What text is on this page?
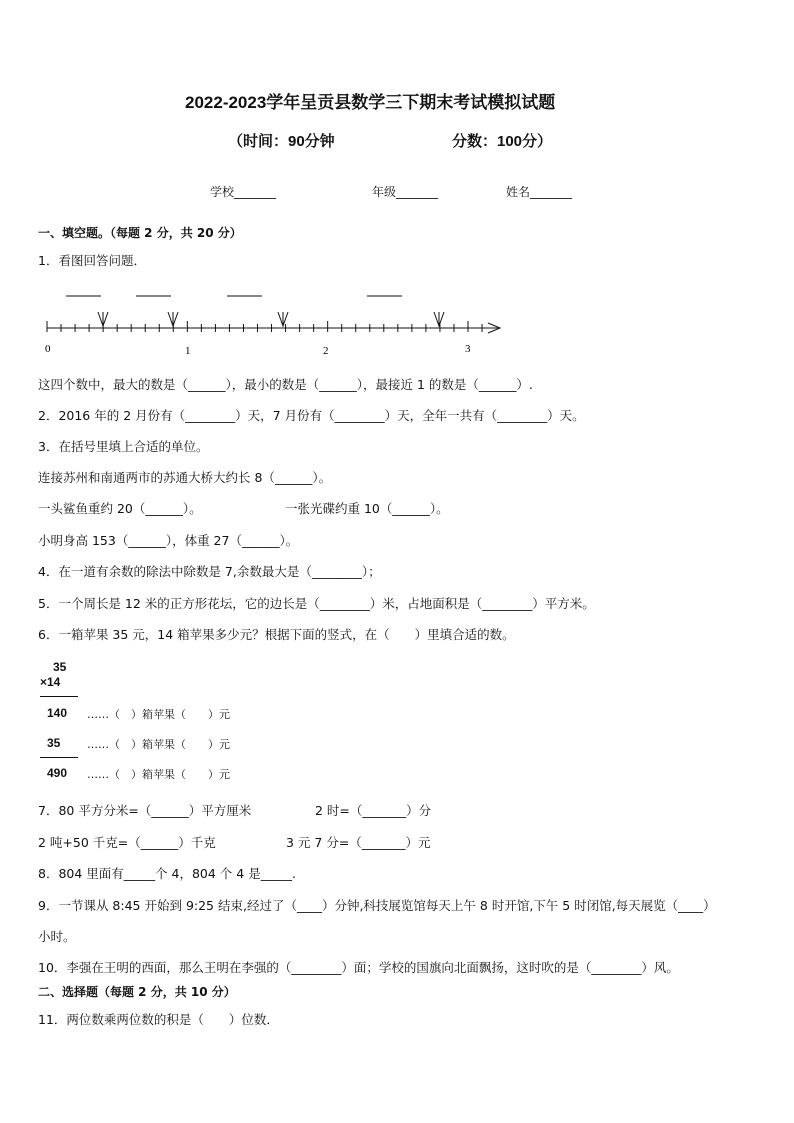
2022-2023学年呈贡县数学三下期末考试模拟试题
（时间：90分钟	分数：100分）
学校_______	年级_______	姓名_______
一、填空题。（每题 2 分，共 20 分）
1．看图回答问题．
0	1	2	3
这四个数中，最大的数是（______），最小的数是（______），最接近 1 的数是（______）.
2．2016 年的 2 月份有（________）天，7 月份有（________）天，全年一共有（________）天。
3．在括号里填上合适的单位。
连接苏州和南通两市的苏通大桥大约长 8（______）。
一头鲨鱼重约 20（______）。	一张光碟约重 10（______）。
小明身高 153（______），体重 27（______）。
4．在一道有余数的除法中除数是 7,余数最大是（________）；
5．一个周长是 12 米的正方形花坛，它的边长是（________）米，占地面积是（________）平方米。
6．一箱苹果 35 元，14 箱苹果多少元？根据下面的竖式，在（　　）里填合适的数。
35
×14
140 ……（　）箱苹果（　　）元
35 ……（　）箱苹果（　　）元
490 ……（　）箱苹果（　　）元
7．80 平方分米=（______）平方厘米	2 时=（_______）分
2 吨+50 千克=（______）千克	3 元 7 分=（_______）元
8．804 里面有_____个 4，804 个 4 是_____.
9．一节课从 8:45 开始到 9:25 结束,经过了（____）分钟,科技展览馆每天上午 8 时开馆,下午 5 时闭馆,每天展览（____）
小时。
10．李强在王明的西面，那么王明在李强的（________）面；学校的国旗向北面飘扬，这时吹的是（________）风。
二、选择题（每题 2 分，共 10 分）
11．两位数乘两位数的积是（　　）位数．
